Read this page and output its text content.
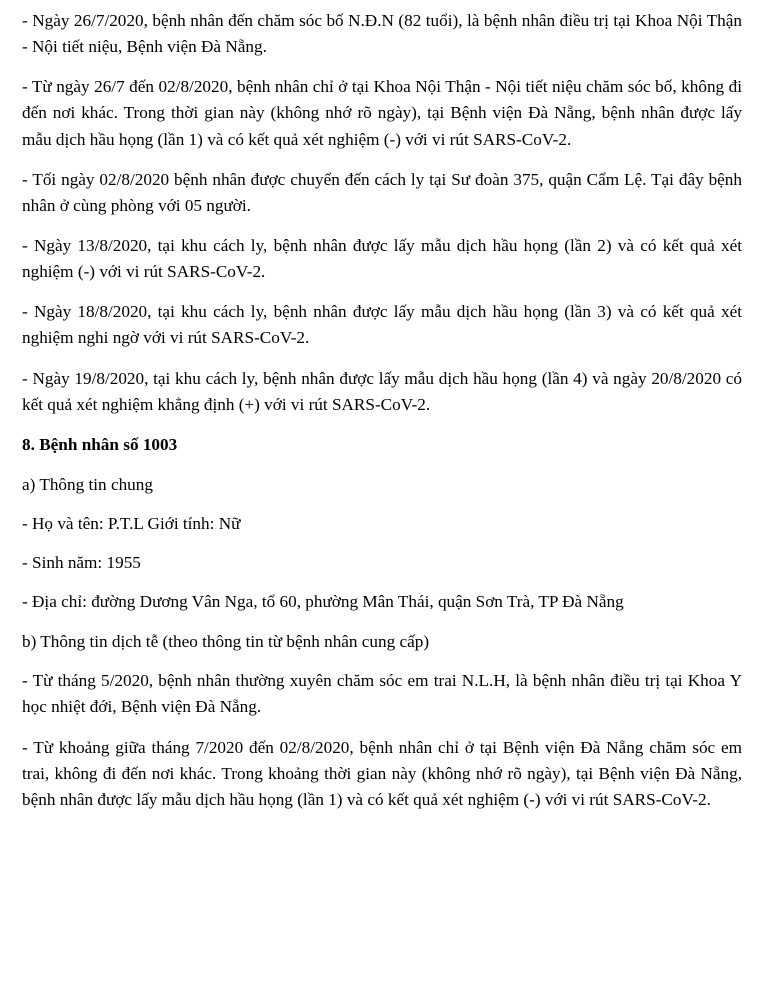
- Ngày 26/7/2020, bệnh nhân đến chăm sóc bố N.Đ.N (82 tuổi), là bệnh nhân điều trị tại Khoa Nội Thận - Nội tiết niệu, Bệnh viện Đà Nẵng.

- Từ ngày 26/7 đến 02/8/2020, bệnh nhân chỉ ở tại Khoa Nội Thận - Nội tiết niệu chăm sóc bố, không đi đến nơi khác. Trong thời gian này (không nhớ rõ ngày), tại Bệnh viện Đà Nẵng, bệnh nhân được lấy mẫu dịch hầu họng (lần 1) và có kết quả xét nghiệm (-) với vi rút SARS-CoV-2.

- Tối ngày 02/8/2020 bệnh nhân được chuyển đến cách ly tại Sư đoàn 375, quận Cẩm Lệ. Tại đây bệnh nhân ở cùng phòng với 05 người.

- Ngày 13/8/2020, tại khu cách ly, bệnh nhân được lấy mẫu dịch hầu họng (lần 2) và có kết quả xét nghiệm (-) với vi rút SARS-CoV-2.

- Ngày 18/8/2020, tại khu cách ly, bệnh nhân được lấy mẫu dịch hầu họng (lần 3) và có kết quả xét nghiệm nghi ngờ với vi rút SARS-CoV-2.

- Ngày 19/8/2020, tại khu cách ly, bệnh nhân được lấy mẫu dịch hầu họng (lần 4) và ngày 20/8/2020 có kết quả xét nghiệm khẳng định (+) với vi rút SARS-CoV-2.

8. Bệnh nhân số 1003

a) Thông tin chung

- Họ và tên: P.T.L Giới tính: Nữ

- Sinh năm: 1955

- Địa chỉ: đường Dương Vân Nga, tổ 60, phường Mân Thái, quận Sơn Trà, TP Đà Nẵng

b) Thông tin dịch tễ (theo thông tin từ bệnh nhân cung cấp)

- Từ tháng 5/2020, bệnh nhân thường xuyên chăm sóc em trai N.L.H, là bệnh nhân điều trị tại Khoa Y học nhiệt đới, Bệnh viện Đà Nẵng.

- Từ khoảng giữa tháng 7/2020 đến 02/8/2020, bệnh nhân chỉ ở tại Bệnh viện Đà Nẵng chăm sóc em trai, không đi đến nơi khác. Trong khoảng thời gian này (không nhớ rõ ngày), tại Bệnh viện Đà Nẵng, bệnh nhân được lấy mẫu dịch hầu họng (lần 1) và có kết quả xét nghiệm (-) với vi rút SARS-CoV-2.
